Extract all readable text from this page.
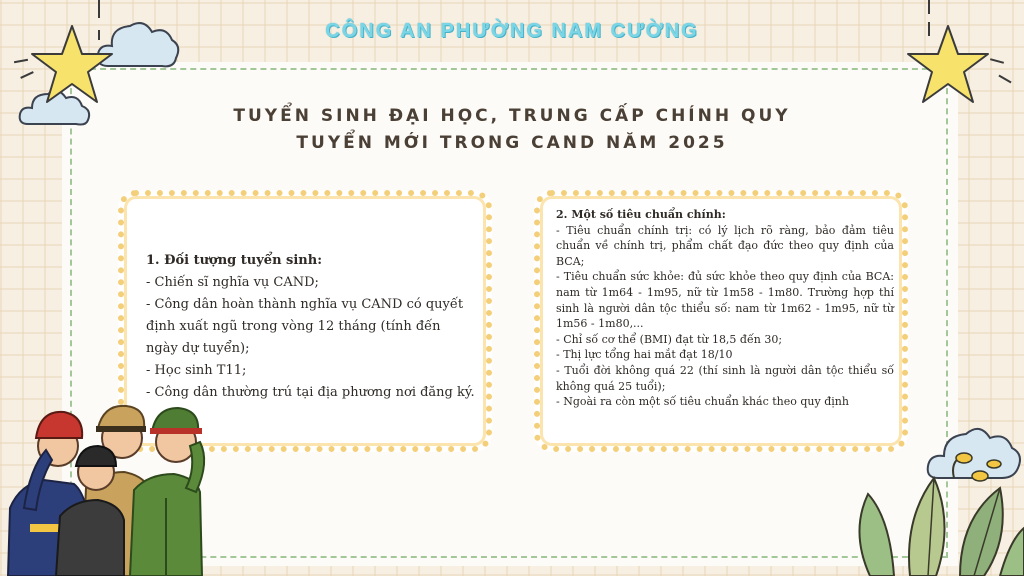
CÔNG AN PHƯỜNG NAM CƯỜNG
TUYỂN SINH ĐẠI HỌC, TRUNG CẤP CHÍNH QUY
TUYỂN MỚI TRONG CAND NĂM 2025
1. Đối tượng tuyển sinh:
- Chiến sĩ nghĩa vụ CAND;
- Công dân hoàn thành nghĩa vụ CAND có quyết định xuất ngũ trong vòng 12 tháng (tính đến ngày dự tuyển);
- Học sinh T11;
- Công dân thường trú tại địa phương nơi đăng ký.
2. Một số tiêu chuẩn chính:
- Tiêu chuẩn chính trị: có lý lịch rõ ràng, bảo đảm tiêu chuẩn về chính trị, phẩm chất đạo đức theo quy định của BCA;
- Tiêu chuẩn sức khỏe: đủ sức khỏe theo quy định của BCA: nam từ 1m64 - 1m95, nữ từ 1m58 - 1m80. Trường hợp thí sinh là người dân tộc thiểu số: nam từ 1m62 - 1m95, nữ từ 1m56 - 1m80,...
- Chỉ số cơ thể (BMI) đạt từ 18,5 đến 30;
- Thị lực tổng hai mắt đạt 18/10
- Tuổi đời không quá 22 (thí sinh là người dân tộc thiểu số không quá 25 tuổi);
- Ngoài ra còn một số tiêu chuẩn khác theo quy định
